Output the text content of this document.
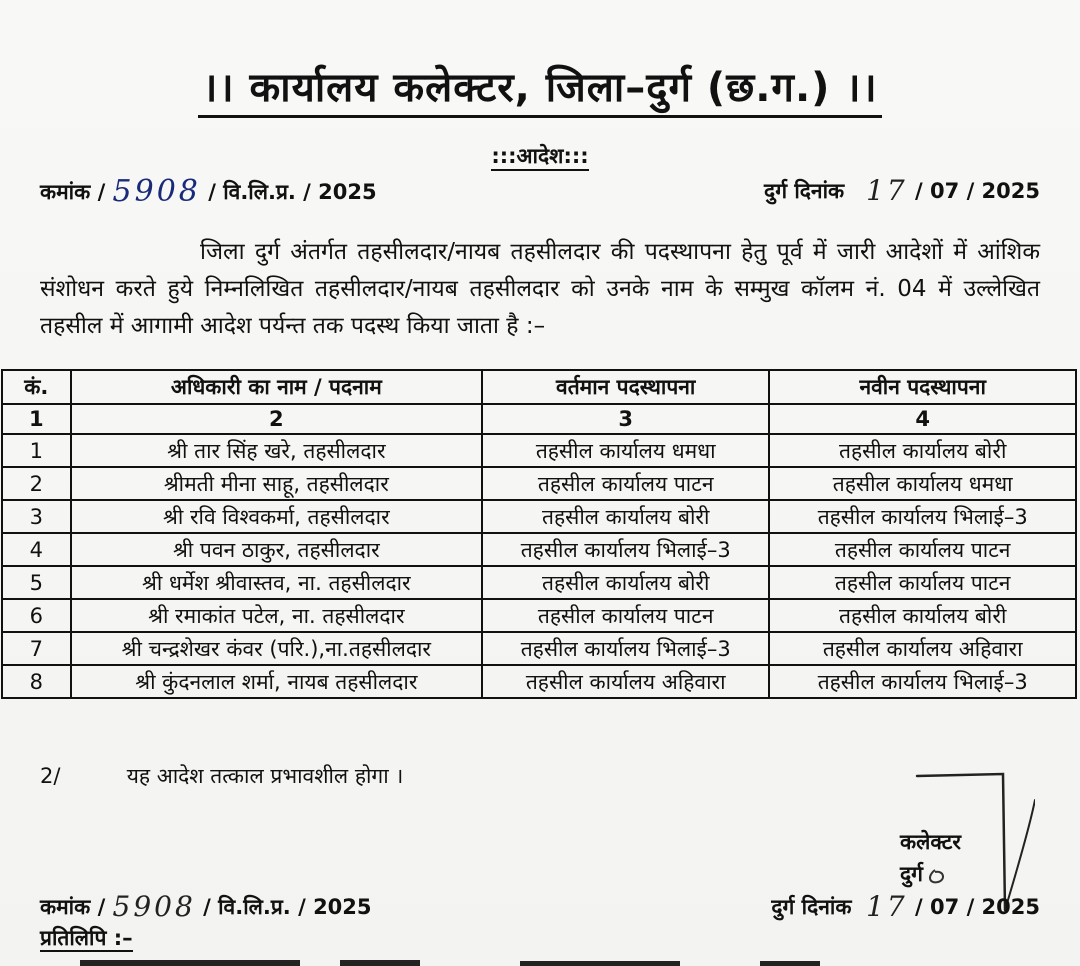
।। कार्यालय कलेक्टर, जिला–दुर्ग (छ.ग.) ।।
:::आदेश:::
कमांक / 5908 / वि.लि.प्र. / 2025	दुर्ग दिनांक 17 / 07 / 2025
जिला दुर्ग अंतर्गत तहसीलदार/नायब तहसीलदार की पदस्थापना हेतु पूर्व में जारी आदेशों में आंशिक संशोधन करते हुये निम्नलिखित तहसीलदार/नायब तहसीलदार को उनके नाम के सम्मुख कॉलम नं. 04 में उल्लेखित तहसील में आगामी आदेश पर्यन्त तक पदस्थ किया जाता है :–
कं.	अधिकारी का नाम / पदनाम	वर्तमान पदस्थापना	नवीन पदस्थापना
1	2	3	4
1	श्री तार सिंह खरे, तहसीलदार	तहसील कार्यालय धमधा	तहसील कार्यालय बोरी
2	श्रीमती मीना साहू, तहसीलदार	तहसील कार्यालय पाटन	तहसील कार्यालय धमधा
3	श्री रवि विश्वकर्मा, तहसीलदार	तहसील कार्यालय बोरी	तहसील कार्यालय भिलाई–3
4	श्री पवन ठाकुर, तहसीलदार	तहसील कार्यालय भिलाई–3	तहसील कार्यालय पाटन
5	श्री धर्मेश श्रीवास्तव, ना. तहसीलदार	तहसील कार्यालय बोरी	तहसील कार्यालय पाटन
6	श्री रमाकांत पटेल, ना. तहसीलदार	तहसील कार्यालय पाटन	तहसील कार्यालय बोरी
7	श्री चन्द्रशेखर कंवर (परि.),ना.तहसीलदार	तहसील कार्यालय भिलाई–3	तहसील कार्यालय अहिवारा
8	श्री कुंदनलाल शर्मा, नायब तहसीलदार	तहसील कार्यालय अहिवारा	तहसील कार्यालय भिलाई–3
2/	यह आदेश तत्काल प्रभावशील होगा ।
कलेक्टर
दुर्ग
कमांक / 5908 / वि.लि.प्र. / 2025	दुर्ग दिनांक 17 / 07 / 2025
प्रतिलिपि :–
